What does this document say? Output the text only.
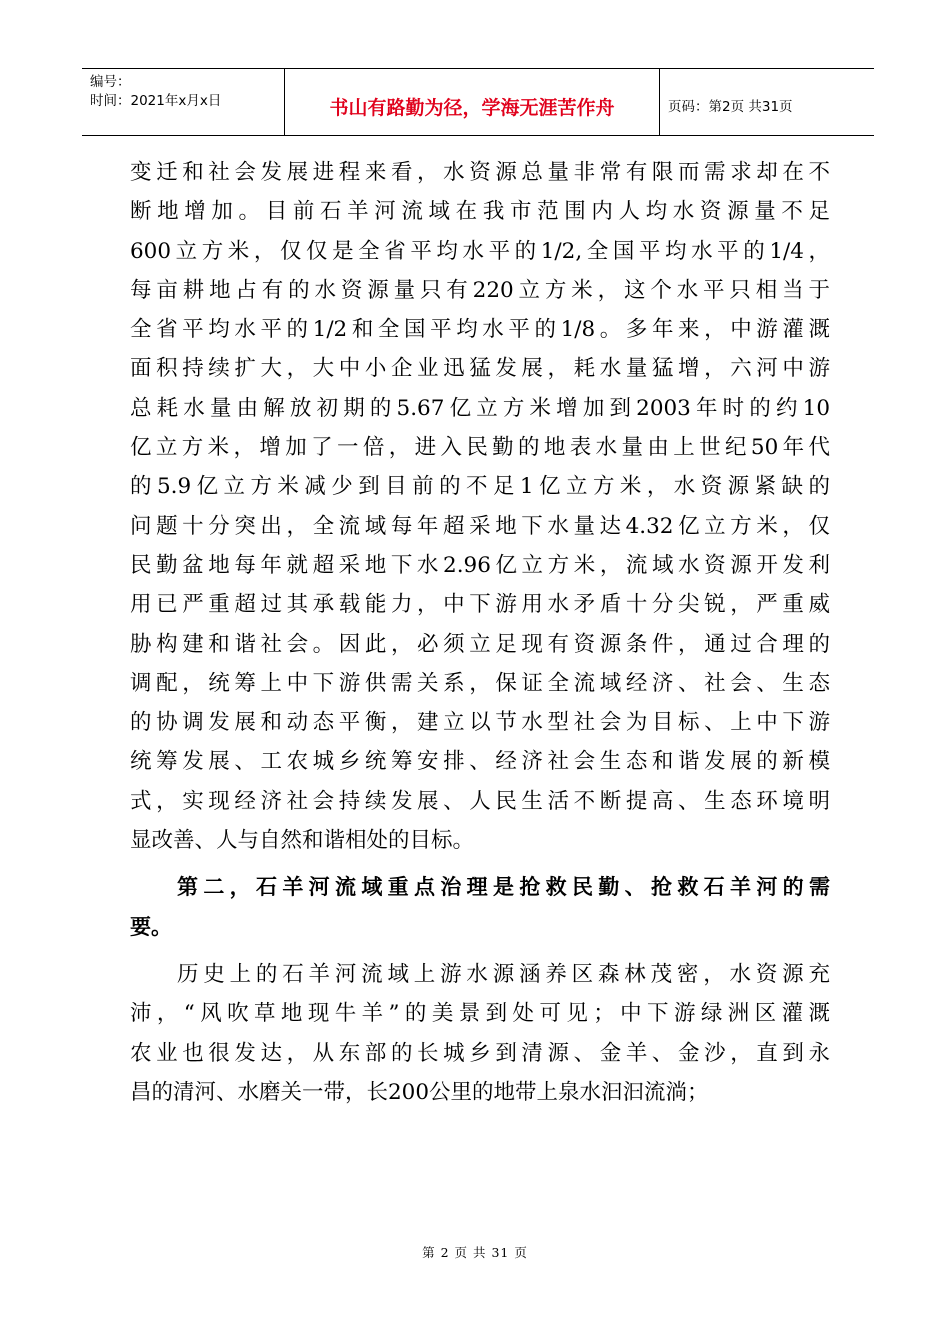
编号：
时间：2021年x月x日	书山有路勤为径，学海无涯苦作舟	页码：第2页 共31页
变迁和社会发展进程来看，水资源总量非常有限而需求却在不
断地增加。目前石羊河流域在我市范围内人均水资源量不足
600立方米，仅仅是全省平均水平的1/2,全国平均水平的1/4，
每亩耕地占有的水资源量只有220立方米，这个水平只相当于
全省平均水平的1/2和全国平均水平的1/8。多年来，中游灌溉
面积持续扩大，大中小企业迅猛发展，耗水量猛增，六河中游
总耗水量由解放初期的5.67亿立方米增加到2003年时的约10
亿立方米，增加了一倍，进入民勤的地表水量由上世纪50年代
的5.9亿立方米减少到目前的不足1亿立方米，水资源紧缺的
问题十分突出，全流域每年超采地下水量达4.32亿立方米，仅
民勤盆地每年就超采地下水2.96亿立方米，流域水资源开发利
用已严重超过其承载能力，中下游用水矛盾十分尖锐，严重威
胁构建和谐社会。因此，必须立足现有资源条件，通过合理的
调配，统筹上中下游供需关系，保证全流域经济、社会、生态
的协调发展和动态平衡，建立以节水型社会为目标、上中下游
统筹发展、工农城乡统筹安排、经济社会生态和谐发展的新模
式，实现经济社会持续发展、人民生活不断提高、生态环境明
显改善、人与自然和谐相处的目标。
第二，石羊河流域重点治理是抢救民勤、抢救石羊河的需
要。
历史上的石羊河流域上游水源涵养区森林茂密，水资源充
沛，“风吹草地现牛羊”的美景到处可见；中下游绿洲区灌溉
农业也很发达，从东部的长城乡到清源、金羊、金沙，直到永
昌的清河、水磨关一带，长200公里的地带上泉水汩汩流淌；
第 2 页 共 31 页
